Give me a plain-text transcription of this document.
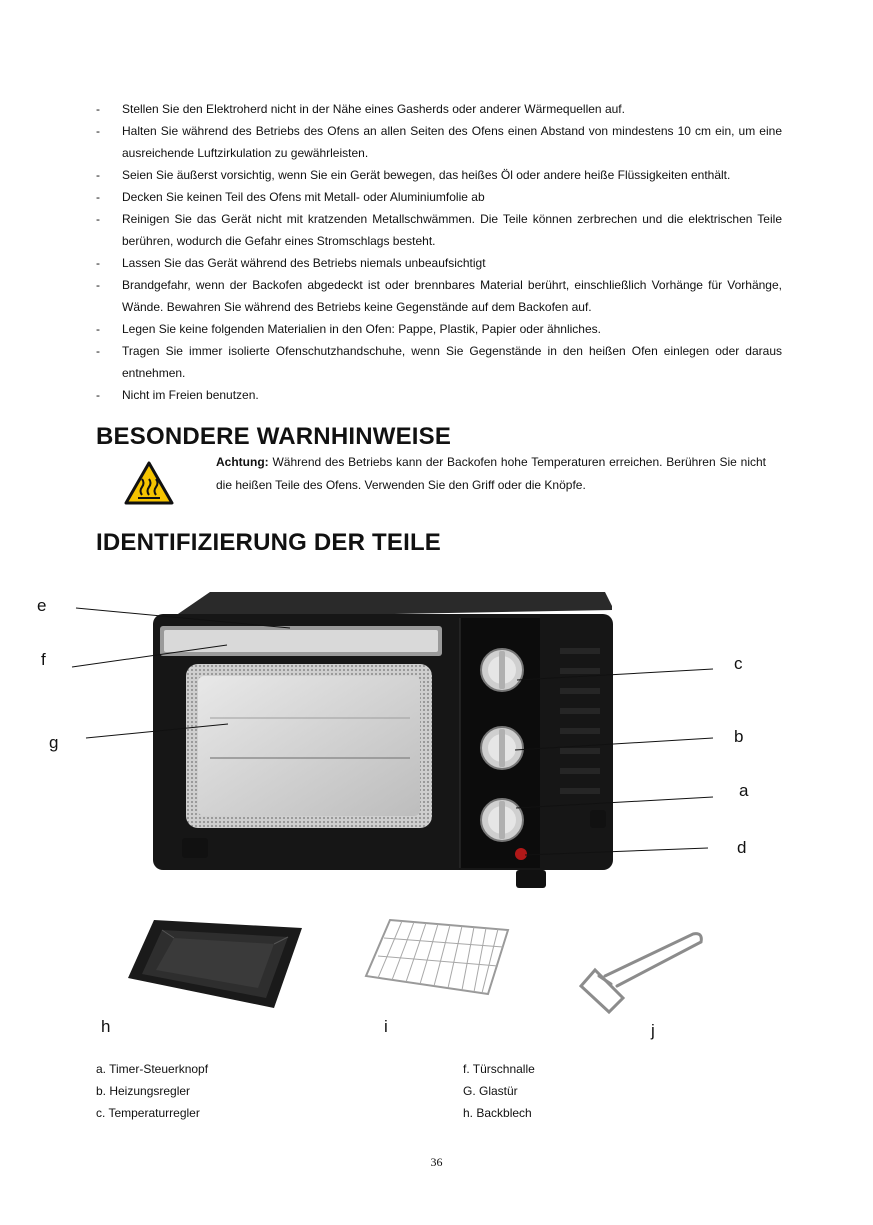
-	Stellen Sie den Elektroherd nicht in der Nähe eines Gasherds oder anderer Wärmequellen auf.
-	Halten Sie während des Betriebs des Ofens an allen Seiten des Ofens einen Abstand von mindestens 10 cm ein, um eine ausreichende Luftzirkulation zu gewährleisten.
-	Seien Sie äußerst vorsichtig, wenn Sie ein Gerät bewegen, das heißes Öl oder andere heiße Flüssigkeiten enthält.
-	Decken Sie keinen Teil des Ofens mit Metall- oder Aluminiumfolie ab
-	Reinigen Sie das Gerät nicht mit kratzenden Metallschwämmen. Die Teile können zerbrechen und die elektrischen Teile berühren, wodurch die Gefahr eines Stromschlags besteht.
-	Lassen Sie das Gerät während des Betriebs niemals unbeaufsichtigt
-	Brandgefahr, wenn der Backofen abgedeckt ist oder brennbares Material berührt, einschließlich Vorhänge für Vorhänge, Wände. Bewahren Sie während des Betriebs keine Gegenstände auf dem Backofen auf.
-	Legen Sie keine folgenden Materialien in den Ofen: Pappe, Plastik, Papier oder ähnliches.
-	Tragen Sie immer isolierte Ofenschutzhandschuhe, wenn Sie Gegenstände in den heißen Ofen einlegen oder daraus entnehmen.
-	Nicht im Freien benutzen.
BESONDERE WARNHINWEISE
Achtung: Während des Betriebs kann der Backofen hohe Temperaturen erreichen. Berühren Sie nicht die heißen Teile des Ofens. Verwenden Sie den Griff oder die Knöpfe.
IDENTIFIZIERUNG DER TEILE
e
f
g
c
b
a
d
h	i	j
a. Timer-Steuerknopf
b. Heizungsregler
c. Temperaturregler
f. Türschnalle
G. Glastür
h. Backblech
36
